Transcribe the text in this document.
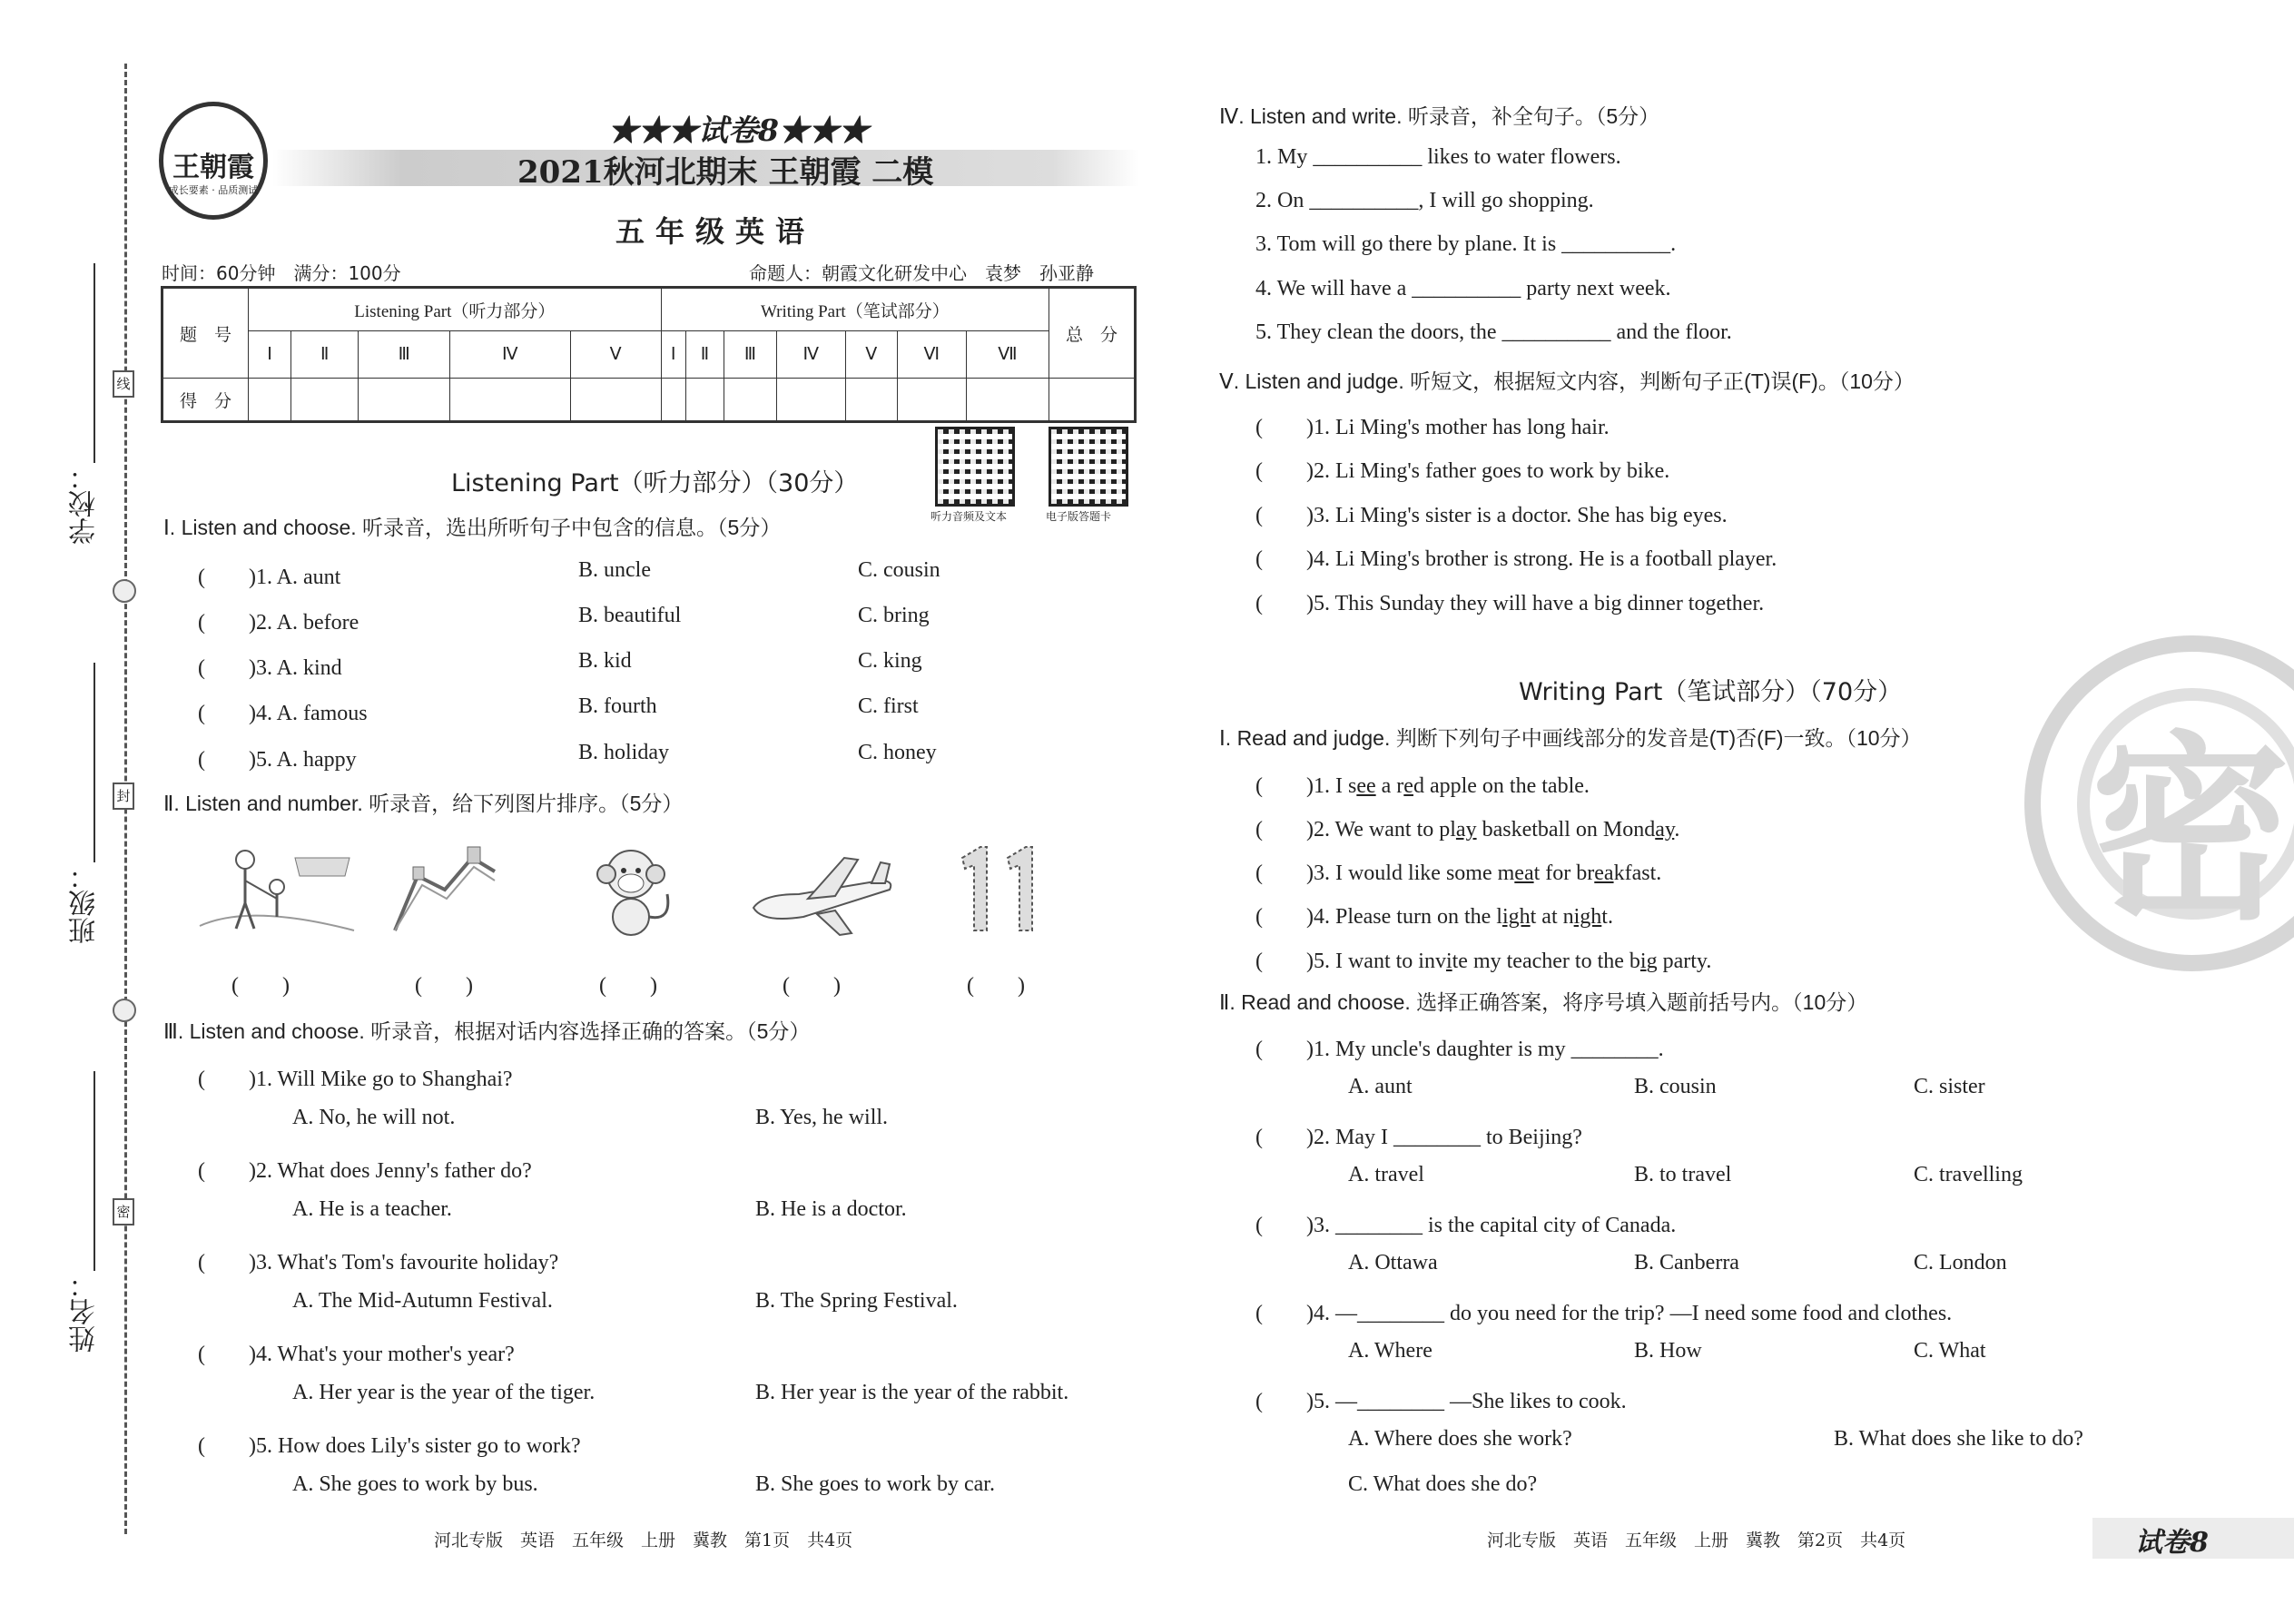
学校：
班级：
姓名：
线
封
密
王朝霞
成长要素 · 品质测试
★★★试卷8★★★
2021秋河北期末 王朝霞 二模
五年级英语
时间：60分钟　满分：100分	命题人：朝霞文化研发中心　袁梦　孙亚静
题　号	Listening Part（听力部分）					Writing Part（笔试部分）							总　分
	Ⅰ	Ⅱ	Ⅲ	Ⅳ	Ⅴ	Ⅰ	Ⅱ	Ⅲ	Ⅳ	Ⅴ	Ⅵ	Ⅶ	
得　分													
听力音频及文本	电子版答题卡
Listening Part（听力部分）（30分）
Ⅰ. Listen and choose. 听录音，选出所听句子中包含的信息。（5分）
(　　)1. A. aunt	B. uncle	C. cousin
(　　)2. A. before	B. beautiful	C. bring
(　　)3. A. kind	B. kid	C. king
(　　)4. A. famous	B. fourth	C. first
(　　)5. A. happy	B. holiday	C. honey
Ⅱ. Listen and number. 听录音，给下列图片排序。（5分）
(　　)	(　　)	(　　)	(　　)	(　　)
Ⅲ. Listen and choose. 听录音，根据对话内容选择正确的答案。（5分）
(　　)1. Will Mike go to Shanghai?
A. No, he will not.	B. Yes, he will.
(　　)2. What does Jenny's father do?
A. He is a teacher.	B. He is a doctor.
(　　)3. What's Tom's favourite holiday?
A. The Mid-Autumn Festival.	B. The Spring Festival.
(　　)4. What's your mother's year?
A. Her year is the year of the tiger.	B. Her year is the year of the rabbit.
(　　)5. How does Lily's sister go to work?
A. She goes to work by bus.	B. She goes to work by car.
河北专版　英语　五年级　上册　冀教　第1页　共4页
密
Ⅳ. Listen and write. 听录音，补全句子。（5分）
1. My __________ likes to water flowers.
2. On __________, I will go shopping.
3. Tom will go there by plane. It is __________.
4. We will have a __________ party next week.
5. They clean the doors, the __________ and the floor.
Ⅴ. Listen and judge. 听短文，根据短文内容，判断句子正(T)误(F)。（10分）
(　　)1. Li Ming's mother has long hair.
(　　)2. Li Ming's father goes to work by bike.
(　　)3. Li Ming's sister is a doctor. She has big eyes.
(　　)4. Li Ming's brother is strong. He is a football player.
(　　)5. This Sunday they will have a big dinner together.
Writing Part（笔试部分）（70分）
Ⅰ. Read and judge. 判断下列句子中画线部分的发音是(T)否(F)一致。（10分）
(　　)1. I see a red apple on the table.
(　　)2. We want to play basketball on Monday.
(　　)3. I would like some meat for breakfast.
(　　)4. Please turn on the light at night.
(　　)5. I want to invite my teacher to the big party.
Ⅱ. Read and choose. 选择正确答案，将序号填入题前括号内。（10分）
(　　)1. My uncle's daughter is my ________.
A. aunt	B. cousin	C. sister
(　　)2. May I ________ to Beijing?
A. travel	B. to travel	C. travelling
(　　)3. ________ is the capital city of Canada.
A. Ottawa	B. Canberra	C. London
(　　)4. —________ do you need for the trip? —I need some food and clothes.
A. Where	B. How	C. What
(　　)5. —________ —She likes to cook.
A. Where does she work?	B. What does she like to do?
C. What does she do?
河北专版　英语　五年级　上册　冀教　第2页　共4页	试卷8
